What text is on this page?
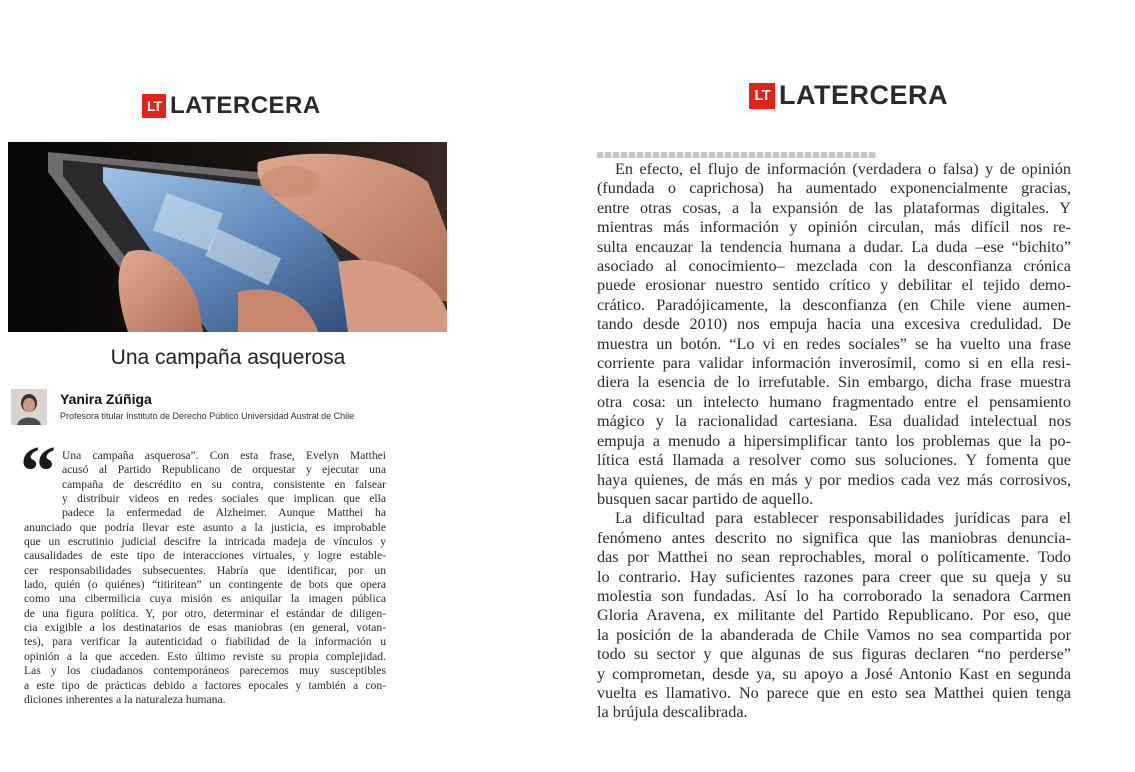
LT LATERCERA
Una campaña asquerosa
Yanira Zúñiga
Profesora titular Instituto de Derecho Público Universidad Austral de Chile
“ Una campaña asquerosa”. Con esta frase, Evelyn Matthei
acusó al Partido Republicano de orquestar y ejecutar una
campaña de descrédito en su contra, consistente en falsear
y distribuir videos en redes sociales que implican que ella
padece la enfermedad de Alzheimer. Aunque Matthei ha
anunciado que podría llevar este asunto a la justicia, es improbable
que un escrutinio judicial descifre la intricada madeja de vínculos y
causalidades de este tipo de interacciones virtuales, y logre estable-
cer responsabilidades subsecuentes. Habría que identificar, por un
lado, quién (o quiénes) “titiritean” un contingente de bots que opera
como una cibermilicia cuya misión es aniquilar la imagen pública
de una figura política. Y, por otro, determinar el estándar de diligen-
cia exigible a los destinatarios de esas maniobras (en general, votan-
tes), para verificar la autenticidad o fiabilidad de la información u
opinión a la que acceden. Esto último reviste su propia complejidad.
Las y los ciudadanos contemporáneos parecemos muy susceptibles
a este tipo de prácticas debido a factores epocales y también a con-
diciones inherentes a la naturaleza humana.
LT LATERCERA
En efecto, el flujo de información (verdadera o falsa) y de opinión
(fundada o caprichosa) ha aumentado exponencialmente gracias,
entre otras cosas, a la expansión de las plataformas digitales. Y
mientras más información y opinión circulan, más difícil nos re-
sulta encauzar la tendencia humana a dudar. La duda –ese “bichito”
asociado al conocimiento– mezclada con la desconfianza crónica
puede erosionar nuestro sentido crítico y debilitar el tejido demo-
crático. Paradójicamente, la desconfianza (en Chile viene aumen-
tando desde 2010) nos empuja hacia una excesiva credulidad. De
muestra un botón. “Lo vi en redes sociales” se ha vuelto una frase
corriente para validar información inverosímil, como si en ella resi-
diera la esencia de lo irrefutable. Sin embargo, dicha frase muestra
otra cosa: un intelecto humano fragmentado entre el pensamiento
mágico y la racionalidad cartesiana. Esa dualidad intelectual nos
empuja a menudo a hipersimplificar tanto los problemas que la po-
lítica está llamada a resolver como sus soluciones. Y fomenta que
haya quienes, de más en más y por medios cada vez más corrosivos,
busquen sacar partido de aquello.
La dificultad para establecer responsabilidades jurídicas para el
fenómeno antes descrito no significa que las maniobras denuncia-
das por Matthei no sean reprochables, moral o políticamente. Todo
lo contrario. Hay suficientes razones para creer que su queja y su
molestia son fundadas. Así lo ha corroborado la senadora Carmen
Gloria Aravena, ex militante del Partido Republicano. Por eso, que
la posición de la abanderada de Chile Vamos no sea compartida por
todo su sector y que algunas de sus figuras declaren “no perderse”
y comprometan, desde ya, su apoyo a José Antonio Kast en segunda
vuelta es llamativo. No parece que en esto sea Matthei quien tenga
la brújula descalibrada.
